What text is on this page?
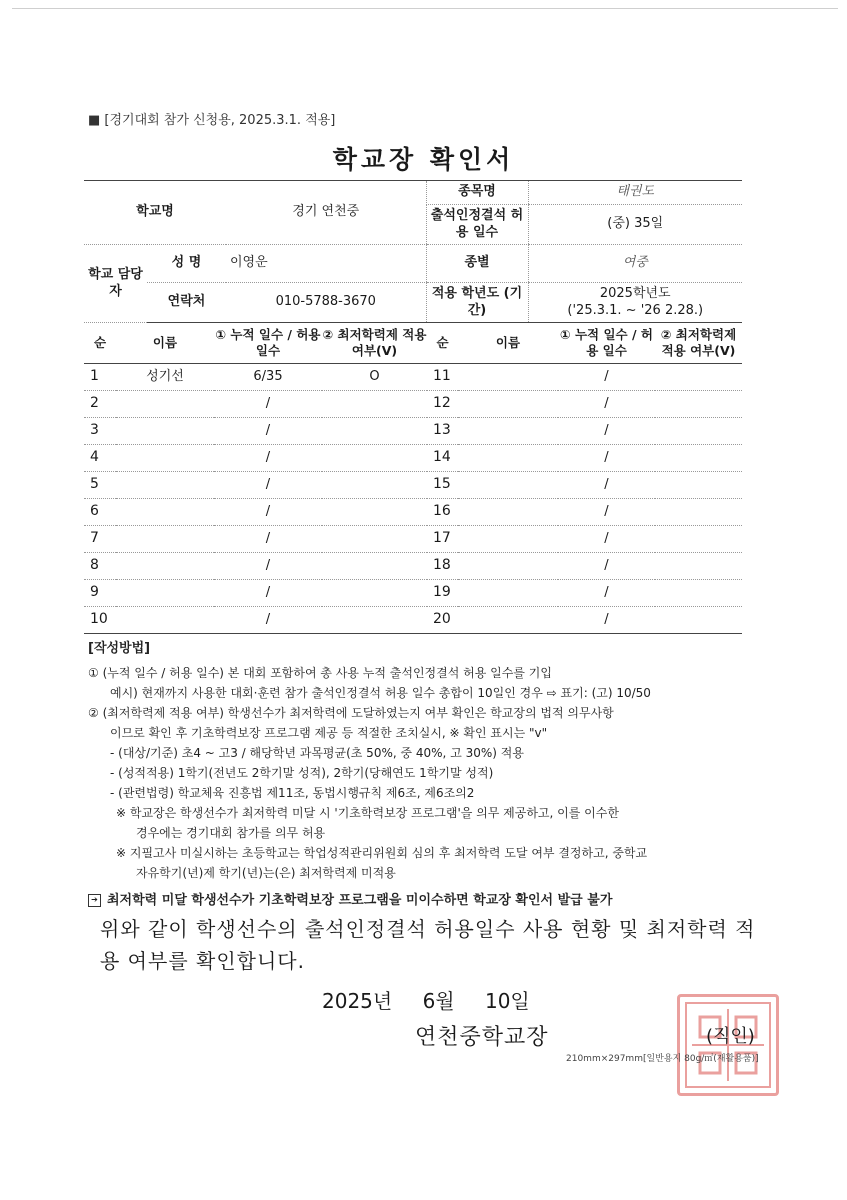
■ [경기대회 참가 신청용, 2025.3.1. 적용]
학교장 확인서
학교명		경기 연천중	종목명	태권도
			출석인정결석 허용 일수	(중) 35일
학교 담당자	성 명	이영운	종별	여중
	연락처	010-5788-3670	적용 학년도 (기간)	2025학년도
('25.3.1. ~ '26 2.28.)
순	이름	① 누적 일수 / 허용 일수	② 최저학력제 적용 여부(V)	순	이름	① 누적 일수 / 허용 일수	② 최저학력제 적용 여부(V)
1	성기선	6/35	O	11		/	
2		/		12		/	
3		/		13		/	
4		/		14		/	
5		/		15		/	
6		/		16		/	
7		/		17		/	
8		/		18		/	
9		/		19		/	
10		/		20		/	
[작성방법]

① (누적 일수 / 허용 일수) 본 대회 포함하여 총 사용 누적 출석인정결석 허용 일수를 기입

예시) 현재까지 사용한 대회·훈련 참가 출석인정결석 허용 일수 총합이 10일인 경우 ⇨ 표기: (고) 10/50

② (최저학력제 적용 여부) 학생선수가 최저학력에 도달하였는지 여부 확인은 학교장의 법적 의무사항

이므로 확인 후 기초학력보장 프로그램 제공 등 적절한 조치실시, ※ 확인 표시는 "v"

- (대상/기준) 초4 ~ 고3 / 해당학년 과목평균(초 50%, 중 40%, 고 30%) 적용

- (성적적용) 1학기(전년도 2학기말 성적), 2학기(당해연도 1학기말 성적)

- (관련법령) 학교체육 진흥법 제11조, 동법시행규칙 제6조, 제6조의2

※ 학교장은 학생선수가 최저학력 미달 시 '기초학력보장 프로그램'을 의무 제공하고, 이를 이수한

경우에는 경기대회 참가를 의무 허용

※ 지필고사 미실시하는 초등학교는 학업성적관리위원회 심의 후 최저학력 도달 여부 결정하고, 중학교

자유학기(년)제 학기(년)는(은) 최저학력제 미적용

➔ 최저학력 미달 학생선수가 기초학력보장 프로그램을 미이수하면 학교장 확인서 발급 불가

위와 같이 학생선수의 출석인정결석 허용일수 사용 현황 및 최저학력 적용 여부를 확인합니다.
2025년 6월 10일
연천중학교장	(직인)
210mm×297mm[일반용지 80g/㎡(재활용품)]
